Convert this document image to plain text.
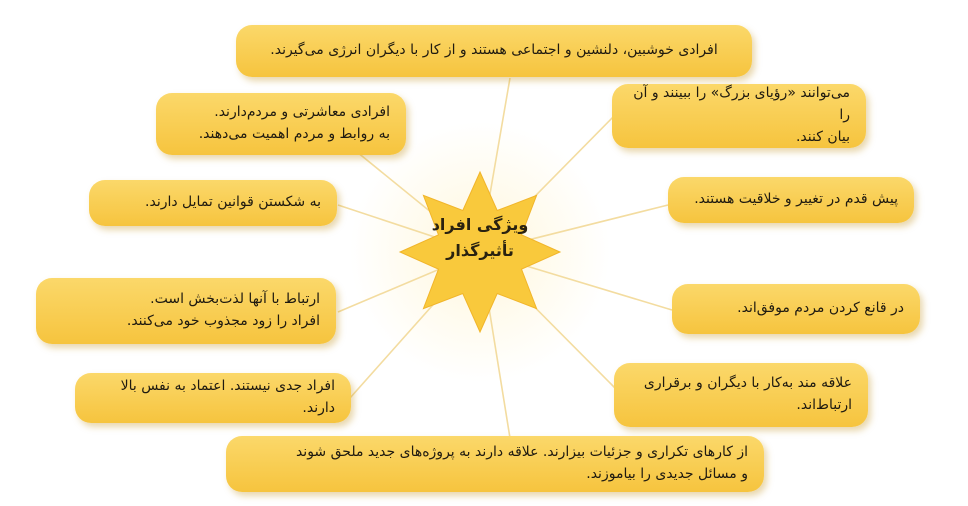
ویژگی افراد تأثیرگذار
افرادی خوشبین، دلنشین و اجتماعی هستند و از کار با دیگران انرژی می‌گیرند.
افرادی معاشرتی و مردم‌دارند.
به روابط و مردم اهمیت می‌دهند.
به شکستن قوانین تمایل دارند.
ارتباط با آنها لذت‌بخش است.
افراد را زود مجذوب خود می‌کنند.
افراد جدی نیستند. اعتماد به نفس بالا دارند.
می‌توانند «رؤیای بزرگ» را ببینند و آن را
بیان کنند.
پیش قدم در تغییر و خلاقیت هستند.
در قانع کردن مردم موفق‌اند.
علاقه مند به‌کار با دیگران و برقراری
ارتباط‌اند.
از کارهای تکراری و جزئیات بیزارند. علاقه دارند به پروژه‌های جدید ملحق شوند
و مسائل جدیدی را بیاموزند.
